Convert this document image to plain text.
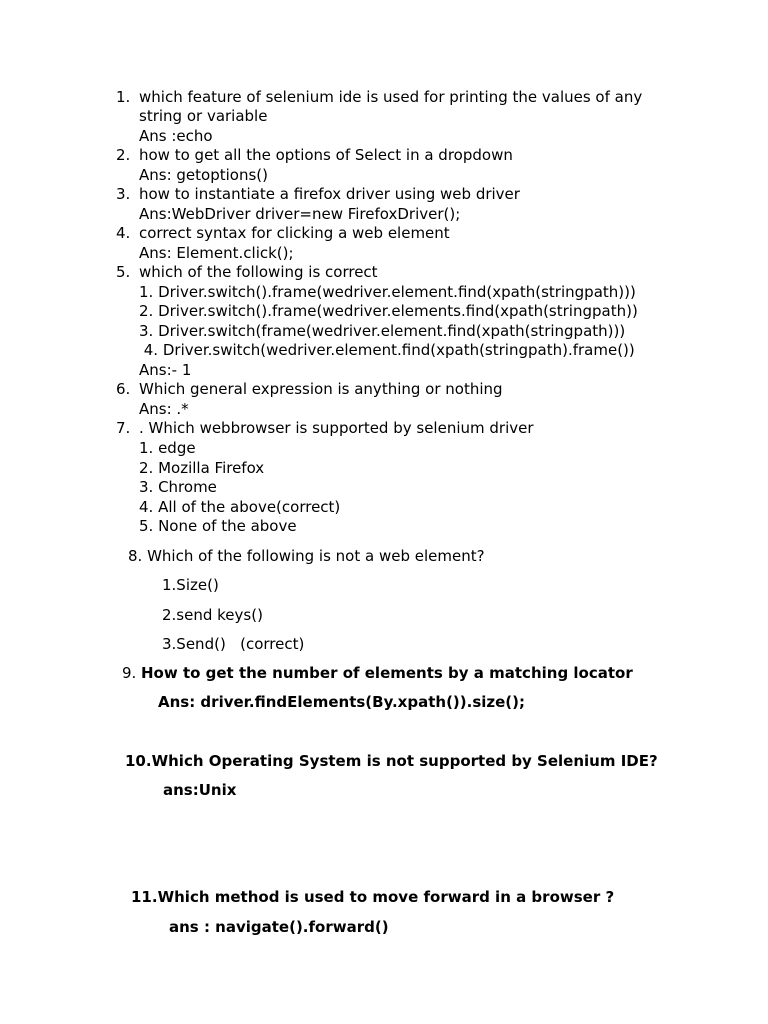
1. which feature of selenium ide is used for printing the values of any

string or variable

Ans :echo

2. how to get all the options of Select in a dropdown

Ans: getoptions()

3. how to instantiate a firefox driver using web driver

Ans:WebDriver driver=new FirefoxDriver();

4. correct syntax for clicking a web element

Ans: Element.click();

5. which of the following is correct

1. Driver.switch().frame(wedriver.element.find(xpath(stringpath)))

2. Driver.switch().frame(wedriver.elements.find(xpath(stringpath))

3. Driver.switch(frame(wedriver.element.find(xpath(stringpath)))

4. Driver.switch(wedriver.element.find(xpath(stringpath).frame())

Ans:- 1

6. Which general expression is anything or nothing

Ans: .*

7. . Which webbrowser is supported by selenium driver

1. edge

2. Mozilla Firefox

3. Chrome

4. All of the above(correct)

5. None of the above

8. Which of the following is not a web element?

1.Size()

2.send keys()

3.Send()   (correct)

9. How to get the number of elements by a matching locator

Ans: driver.findElements(By.xpath()).size();

10.Which Operating System is not supported by Selenium IDE?

ans:Unix

11.Which method is used to move forward in a browser ?

ans : navigate().forward()
